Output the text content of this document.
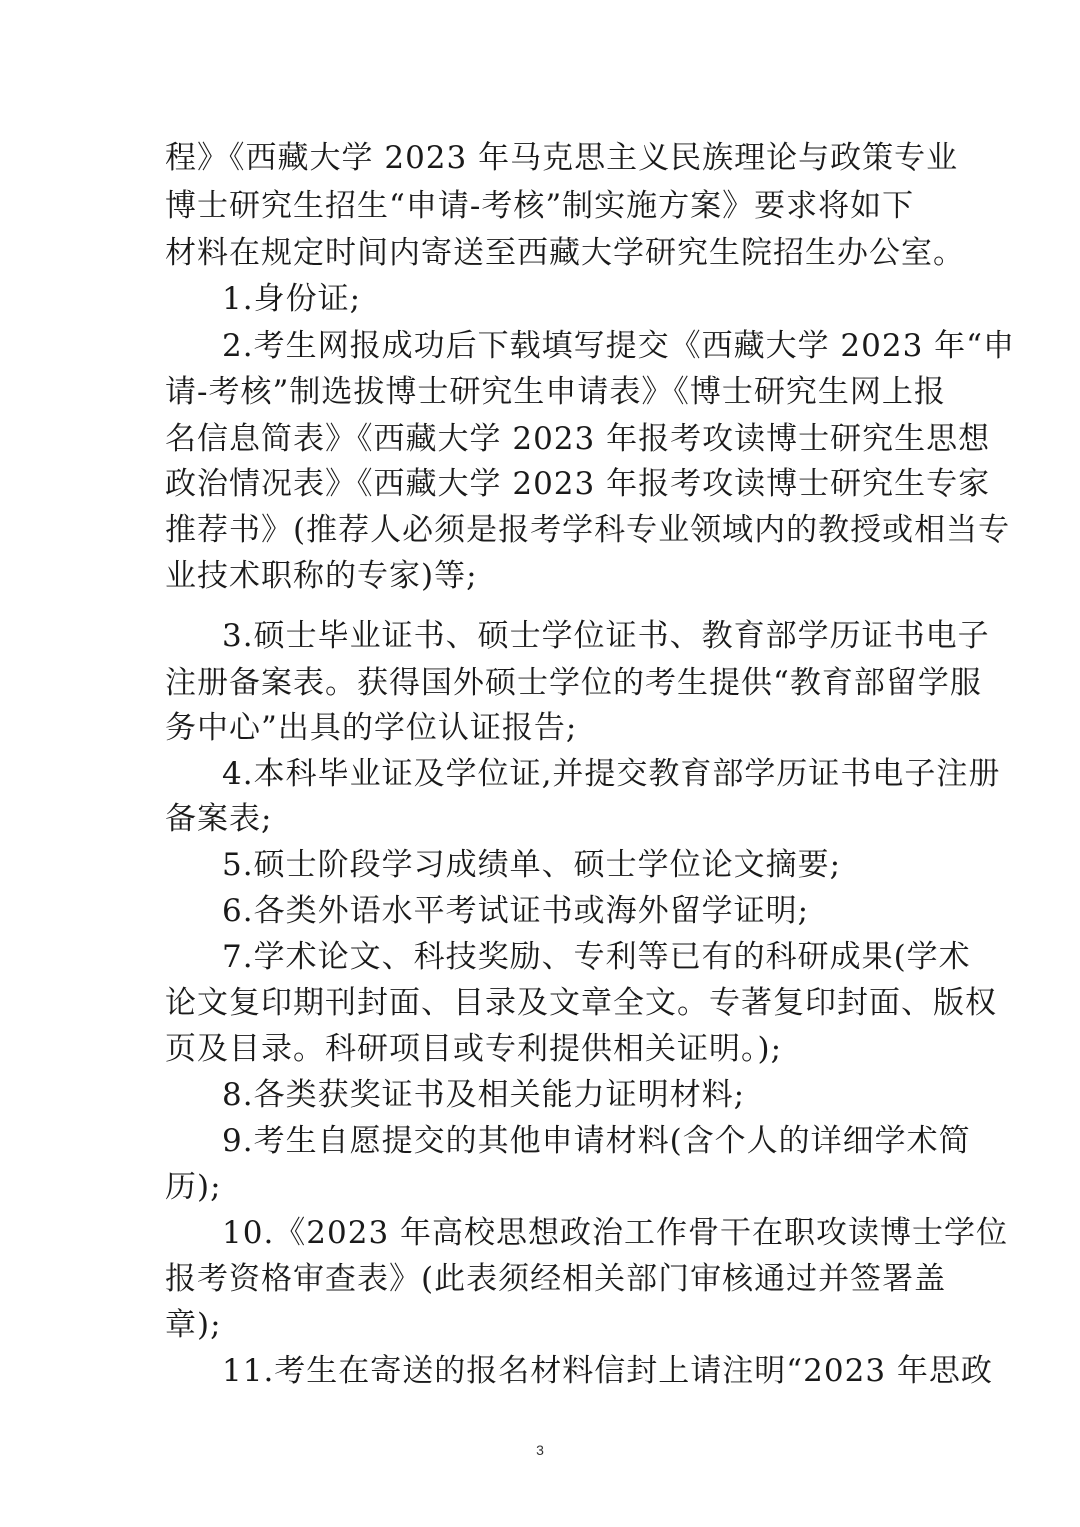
程》《西藏大学 2023 年马克思主义民族理论与政策专业
博士研究生招生“申请-考核”制实施方案》要求将如下
材料在规定时间内寄送至西藏大学研究生院招生办公室。
1.身份证;
2.考生网报成功后下载填写提交《西藏大学 2023 年“申
请-考核”制选拔博士研究生申请表》《博士研究生网上报
名信息简表》《西藏大学 2023 年报考攻读博士研究生思想
政治情况表》《西藏大学 2023 年报考攻读博士研究生专家
推荐书》(推荐人必须是报考学科专业领域内的教授或相当专
业技术职称的专家)等;
3.硕士毕业证书、硕士学位证书、教育部学历证书电子
注册备案表。获得国外硕士学位的考生提供“教育部留学服
务中心”出具的学位认证报告;
4.本科毕业证及学位证,并提交教育部学历证书电子注册
备案表;
5.硕士阶段学习成绩单、硕士学位论文摘要;
6.各类外语水平考试证书或海外留学证明;
7.学术论文、科技奖励、专利等已有的科研成果(学术
论文复印期刊封面、目录及文章全文。专著复印封面、版权
页及目录。科研项目或专利提供相关证明。);
8.各类获奖证书及相关能力证明材料;
9.考生自愿提交的其他申请材料(含个人的详细学术简
历);
10.《2023 年高校思想政治工作骨干在职攻读博士学位
报考资格审查表》(此表须经相关部门审核通过并签署盖
章);
11.考生在寄送的报名材料信封上请注明“2023 年思政
3
